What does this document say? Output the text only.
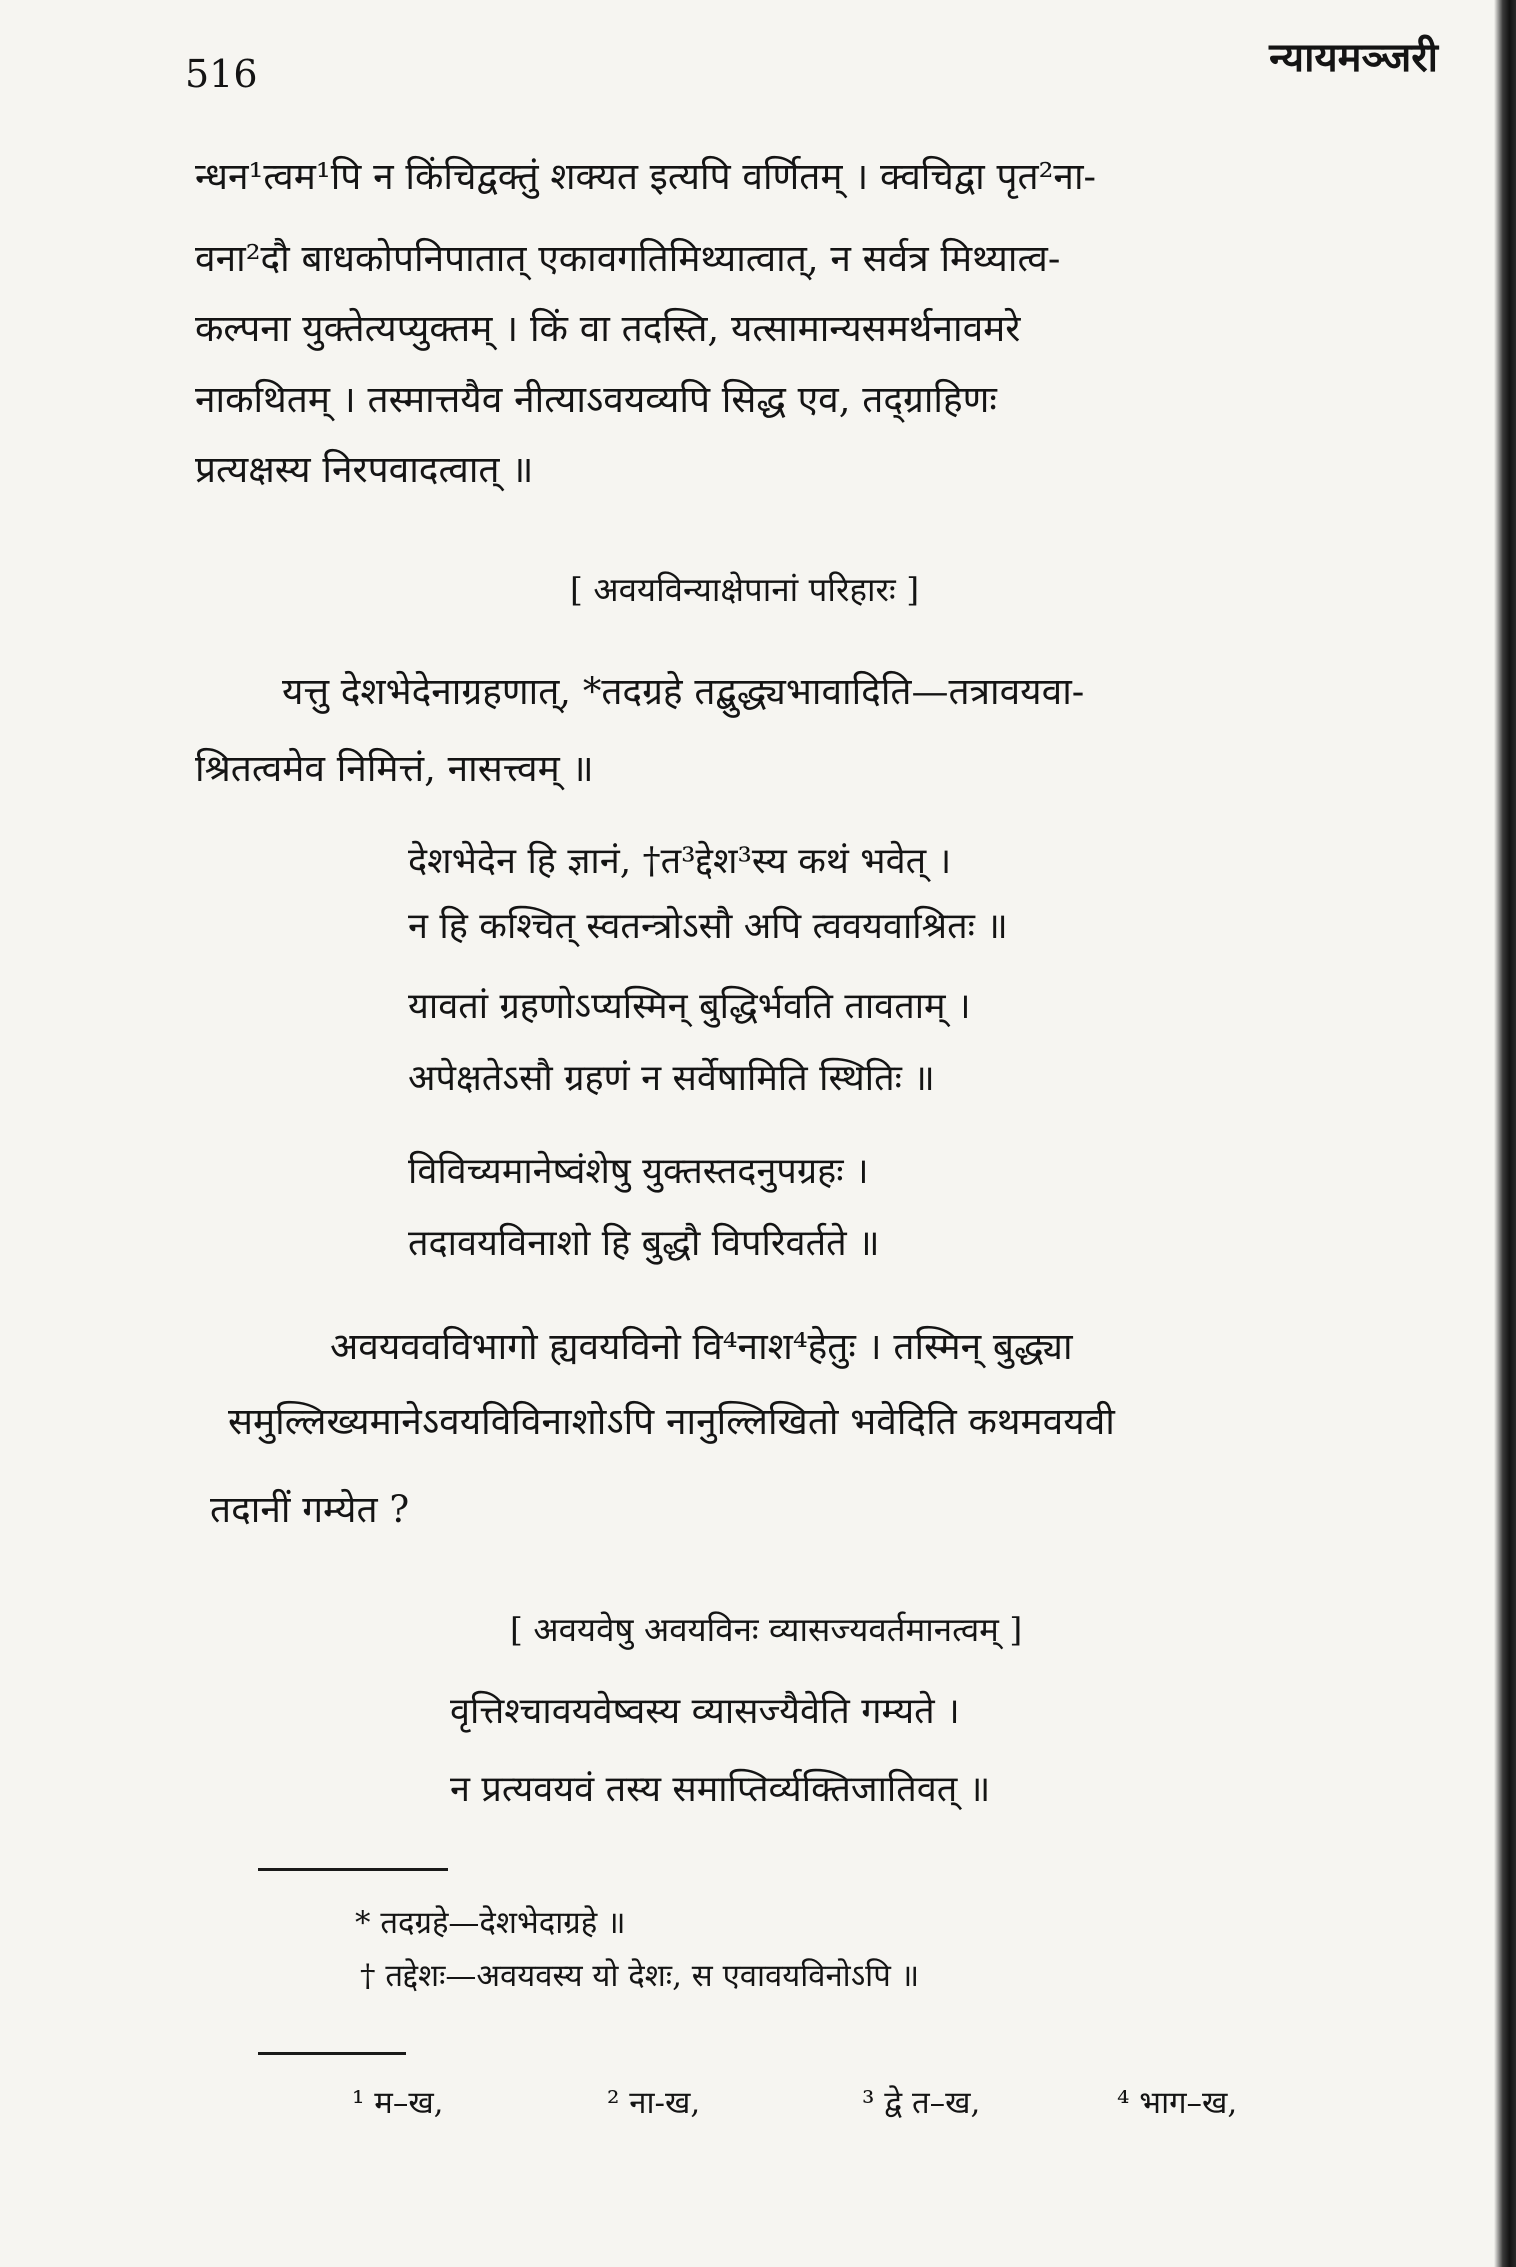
516	न्यायमञ्जरी
न्धन¹त्वम¹पि न किंचिद्वक्तुं शक्यत इत्यपि वर्णितम् । क्वचिद्वा पृत²ना-
वना²दौ बाधकोपनिपातात् एकावगतिमिथ्यात्वात्, न सर्वत्र मिथ्यात्व-
कल्पना युक्तेत्यप्युक्तम् । किं वा तदस्ति, यत्सामान्यसमर्थनावमरे
नाकथितम् । तस्मात्तयैव नीत्याऽवयव्यपि सिद्ध एव, तद्ग्राहिणः
प्रत्यक्षस्य निरपवादत्वात् ॥
[ अवयविन्याक्षेपानां परिहारः ]
यत्तु देशभेदेनाग्रहणात्, *तदग्रहे तद्बुद्ध्यभावादिति—तत्रावयवा-
श्रितत्वमेव निमित्तं, नासत्त्वम् ॥
देशभेदेन हि ज्ञानं, †त³द्देश³स्य कथं भवेत् ।
न हि कश्चित् स्वतन्त्रोऽसौ अपि त्ववयवाश्रितः ॥
यावतां ग्रहणोऽप्यस्मिन् बुद्धिर्भवति तावताम् ।
अपेक्षतेऽसौ ग्रहणं न सर्वेषामिति स्थितिः ॥
विविच्यमानेष्वंशेषु युक्तस्तदनुपग्रहः ।
तदावयविनाशो हि बुद्धौ विपरिवर्तते ॥
अवयववविभागो ह्यवयविनो वि⁴नाश⁴हेतुः । तस्मिन् बुद्ध्या
समुल्लिख्यमानेऽवयविविनाशोऽपि नानुल्लिखितो भवेदिति कथमवयवी
तदानीं गम्येत ?
[ अवयवेषु अवयविनः व्यासज्यवर्तमानत्वम् ]
वृत्तिश्चावयवेष्वस्य व्यासज्यैवेति गम्यते ।
न प्रत्यवयवं तस्य समाप्तिर्व्यक्तिजातिवत् ॥
* तदग्रहे—देशभेदाग्रहे ॥
† तद्देशः—अवयवस्य यो देशः, स एवावयविनोऽपि ॥
¹ म–ख,	² ना-ख,	³ द्वे त–ख,	⁴ भाग–ख,
